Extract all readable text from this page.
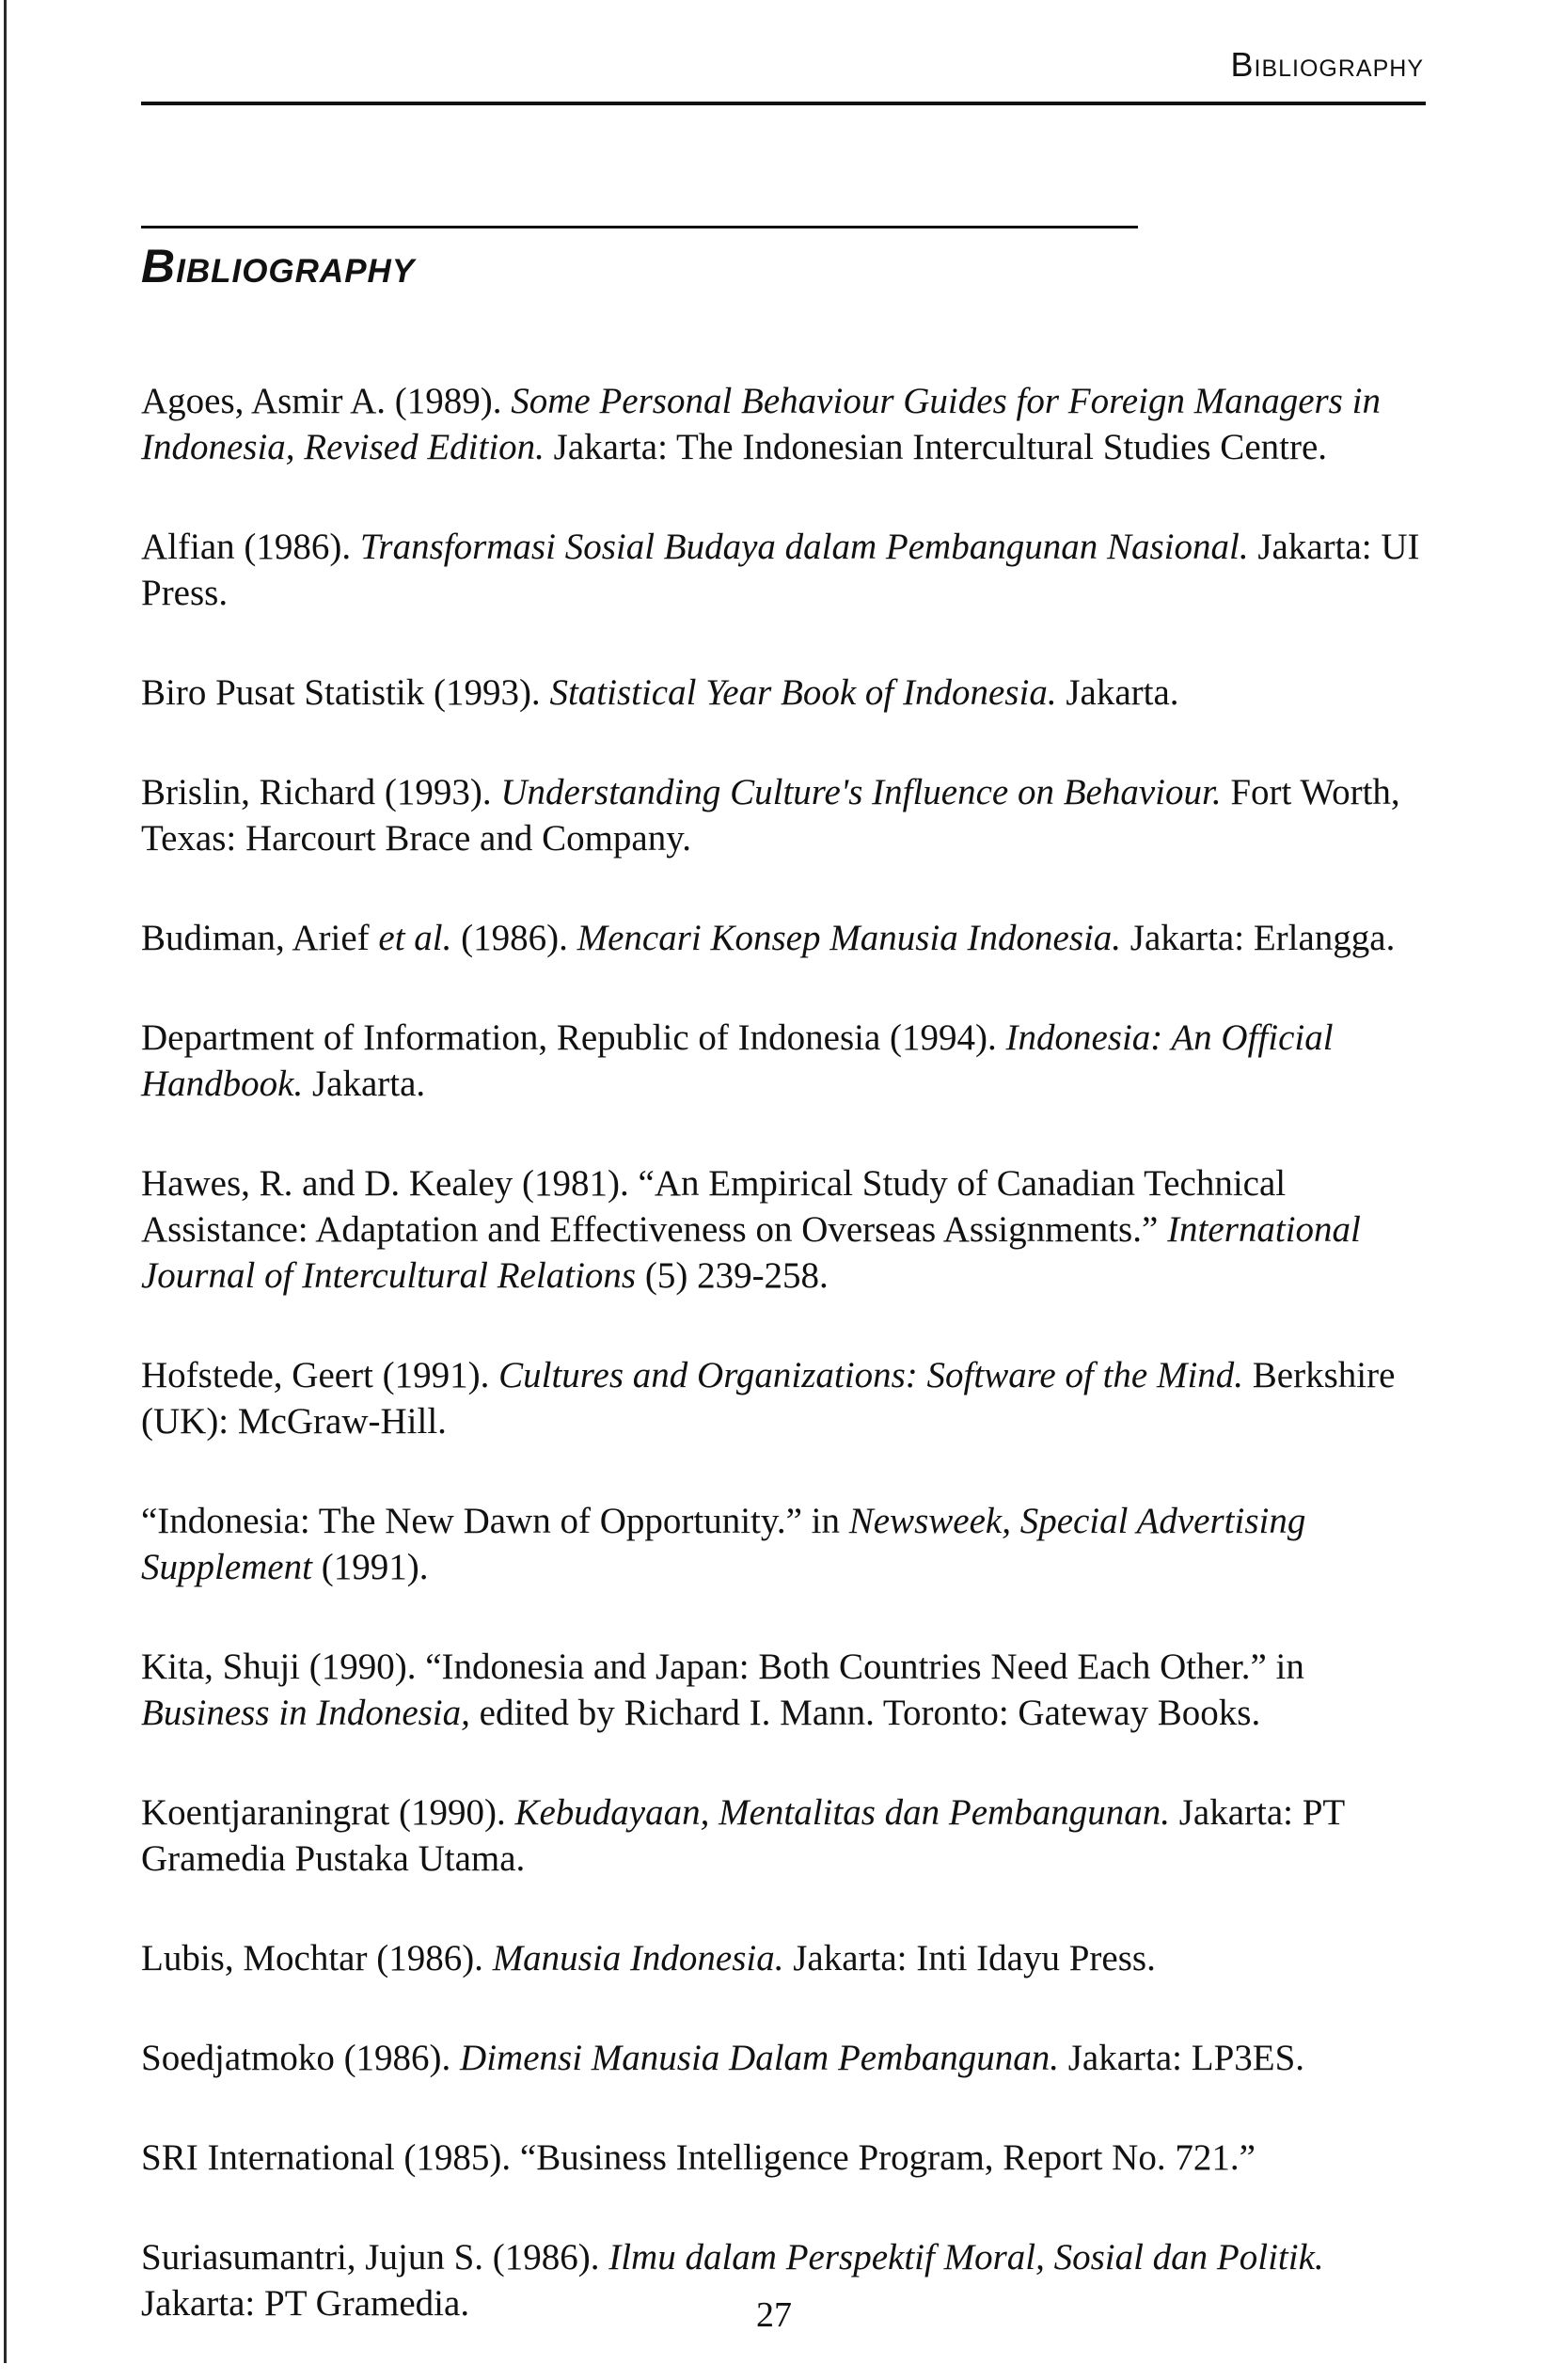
Bibliography
Bibliography
Agoes, Asmir A. (1989). Some Personal Behaviour Guides for Foreign Managers in Indonesia, Revised Edition. Jakarta: The Indonesian Intercultural Studies Centre.
Alfian (1986). Transformasi Sosial Budaya dalam Pembangunan Nasional. Jakarta: UI Press.
Biro Pusat Statistik (1993). Statistical Year Book of Indonesia. Jakarta.
Brislin, Richard (1993). Understanding Culture's Influence on Behaviour. Fort Worth, Texas: Harcourt Brace and Company.
Budiman, Arief et al. (1986). Mencari Konsep Manusia Indonesia. Jakarta: Erlangga.
Department of Information, Republic of Indonesia (1994). Indonesia: An Official Handbook. Jakarta.
Hawes, R. and D. Kealey (1981). “An Empirical Study of Canadian Technical Assistance: Adaptation and Effectiveness on Overseas Assignments.” International Journal of Intercultural Relations (5) 239-258.
Hofstede, Geert (1991). Cultures and Organizations: Software of the Mind. Berkshire (UK): McGraw-Hill.
“Indonesia: The New Dawn of Opportunity.” in Newsweek, Special Advertising Supplement (1991).
Kita, Shuji (1990). “Indonesia and Japan: Both Countries Need Each Other.” in Business in Indonesia, edited by Richard I. Mann. Toronto: Gateway Books.
Koentjaraningrat (1990). Kebudayaan, Mentalitas dan Pembangunan. Jakarta: PT Gramedia Pustaka Utama.
Lubis, Mochtar (1986). Manusia Indonesia. Jakarta: Inti Idayu Press.
Soedjatmoko (1986). Dimensi Manusia Dalam Pembangunan. Jakarta: LP3ES.
SRI International (1985). “Business Intelligence Program, Report No. 721.”
Suriasumantri, Jujun S. (1986). Ilmu dalam Perspektif Moral, Sosial dan Politik. Jakarta: PT Gramedia.	27
